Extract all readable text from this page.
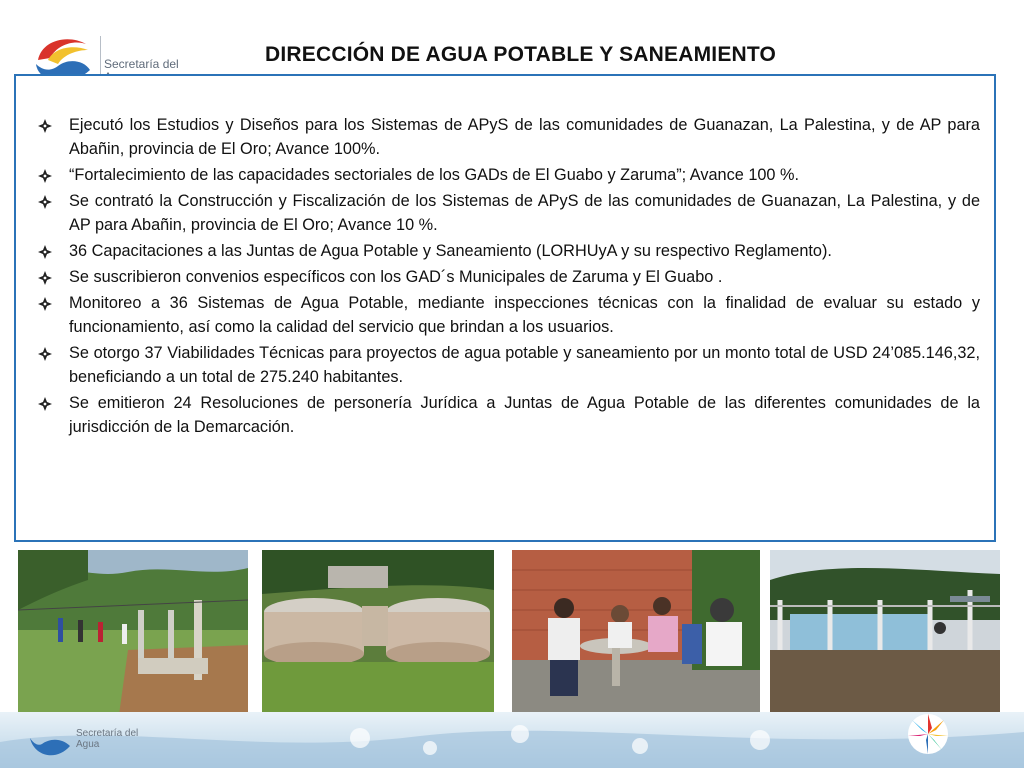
Secretaría del	DIRECCIÓN DE AGUA POTABLE Y SANEAMIENTO
Ejecutó los Estudios y Diseños para los Sistemas de APyS de las comunidades de Guanazan, La Palestina, y de AP para Abañin, provincia de El Oro; Avance 100%.
“Fortalecimiento de las capacidades sectoriales de los GADs de El Guabo y Zaruma”; Avance 100 %.
Se contrató la Construcción y Fiscalización de los Sistemas de APyS de las comunidades de Guanazan, La Palestina, y de AP para Abañin, provincia de El Oro; Avance 10 %.
36 Capacitaciones a las Juntas de Agua Potable y Saneamiento (LORHUyA y su respectivo Reglamento).
Se suscribieron convenios específicos con los GAD´s Municipales de Zaruma y El Guabo .
Monitoreo a 36 Sistemas de Agua Potable, mediante inspecciones técnicas con la finalidad de evaluar su estado y funcionamiento, así como la calidad del servicio que brindan a los usuarios.
Se otorgo 37 Viabilidades Técnicas para proyectos de agua potable y saneamiento por un monto total de USD 24’085.146,32, beneficiando a un total de 275.240 habitantes.
Se emitieron 24 Resoluciones de personería Jurídica a Juntas de Agua Potable de las diferentes comunidades de la jurisdicción de la Demarcación.
Secretaría del
Agua
